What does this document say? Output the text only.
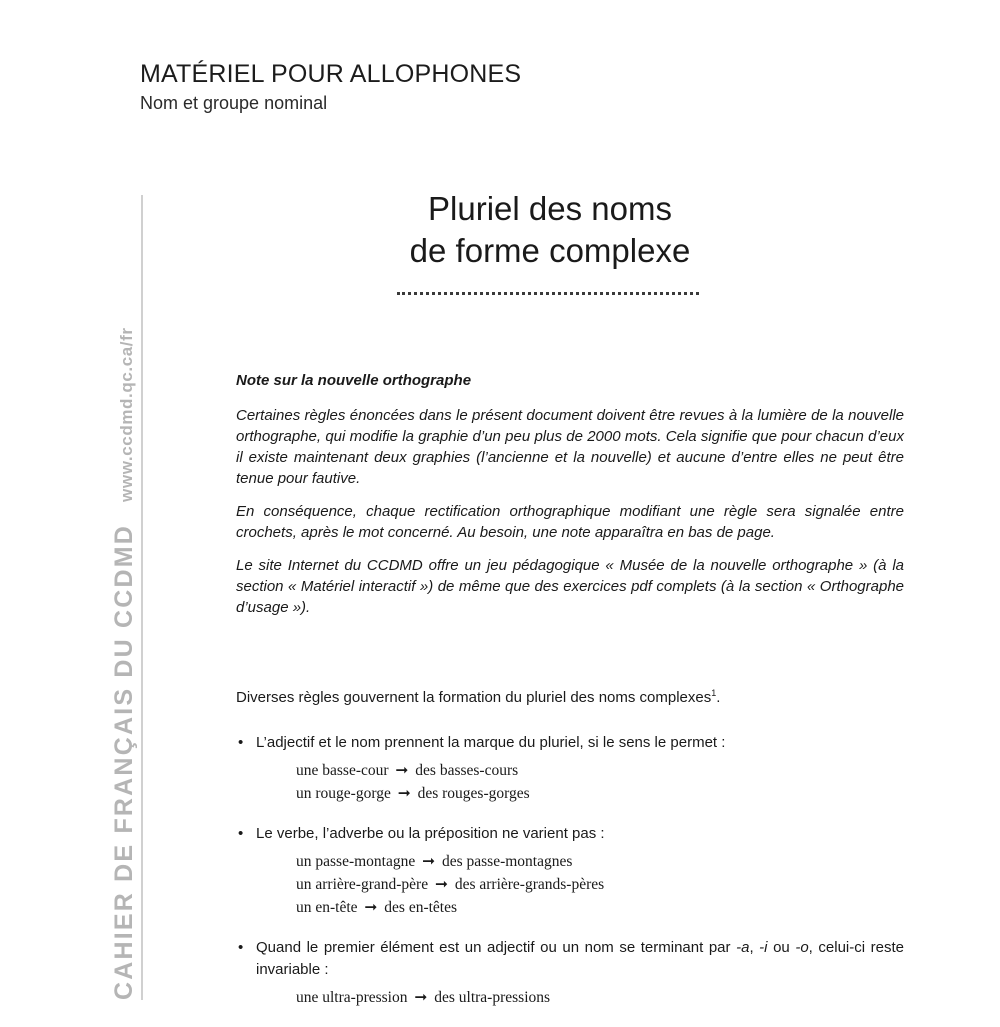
MATÉRIEL POUR ALLOPHONES
Nom et groupe nominal
CAHIER DE FRANÇAIS DU CCDMDwww.ccdmd.qc.ca/fr
Pluriel des noms
de forme complexe
Note sur la nouvelle orthographe

Certaines règles énoncées dans le présent document doivent être revues à la lumière de la nouvelle orthographe, qui modifie la graphie d’un peu plus de 2000 mots. Cela signifie que pour chacun d’eux il existe maintenant deux graphies (l’ancienne et la nouvelle) et aucune d’entre elles ne peut être tenue pour fautive.

En conséquence, chaque rectification orthographique modifiant une règle sera signalée entre crochets, après le mot concerné. Au besoin, une note apparaîtra en bas de page.

Le site Internet du CCDMD offre un jeu pédagogique « Musée de la nouvelle orthographe » (à la section « Matériel interactif ») de même que des exercices pdf complets (à la section « Orthographe d’usage »).

Diverses règles gouvernent la formation du pluriel des noms complexes$^1$.

• L’adjectif et le nom prennent la marque du pluriel, si le sens le permet :
une basse-cour ➞ des basses-cours
un rouge-gorge ➞ des rouges-gorges
• Le verbe, l’adverbe ou la préposition ne varient pas :
un passe-montagne ➞ des passe-montagnes
un arrière-grand-père ➞ des arrière-grands-pères
un en-tête ➞ des en-têtes
• Quand le premier élément est un adjectif ou un nom se terminant par -a, -i ou -o, celui-ci reste invariable :
une ultra-pression ➞ des ultra-pressions
